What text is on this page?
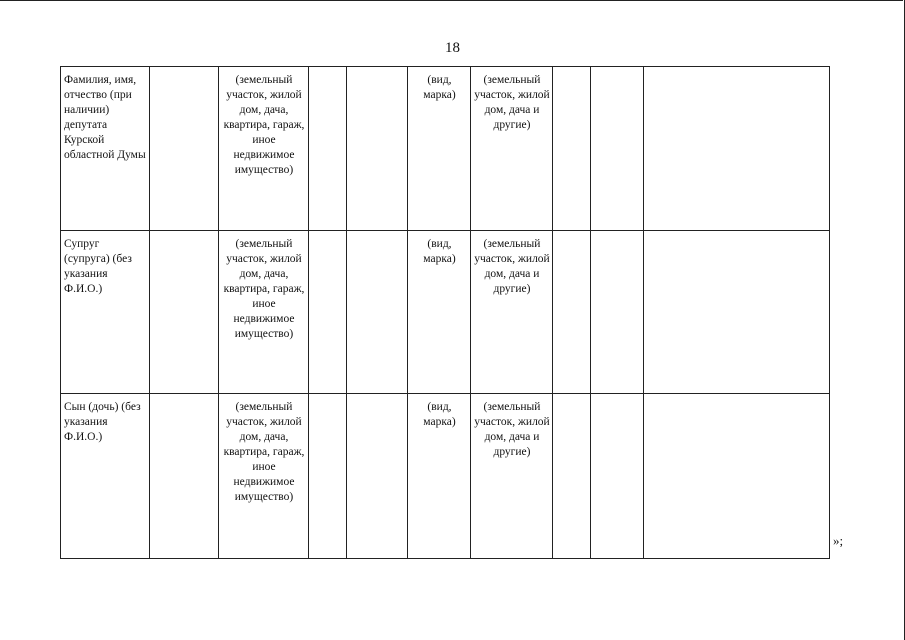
18
Фамилия, имя, отчество (при наличии) депутата Курской областной Думы		(земельный участок, жилой дом, дача, квартира, гараж, иное недвижимое имущество)			(вид, марка)	(земельный участок, жилой дом, дача и другие)			
Супруг (супруга) (без указания Ф.И.О.)		(земельный участок, жилой дом, дача, квартира, гараж, иное недвижимое имущество)			(вид, марка)	(земельный участок, жилой дом, дача и другие)			
Сын (дочь) (без указания Ф.И.О.)		(земельный участок, жилой дом, дача, квартира, гараж, иное недвижимое имущество)			(вид, марка)	(земельный участок, жилой дом, дача и другие)			
»;
